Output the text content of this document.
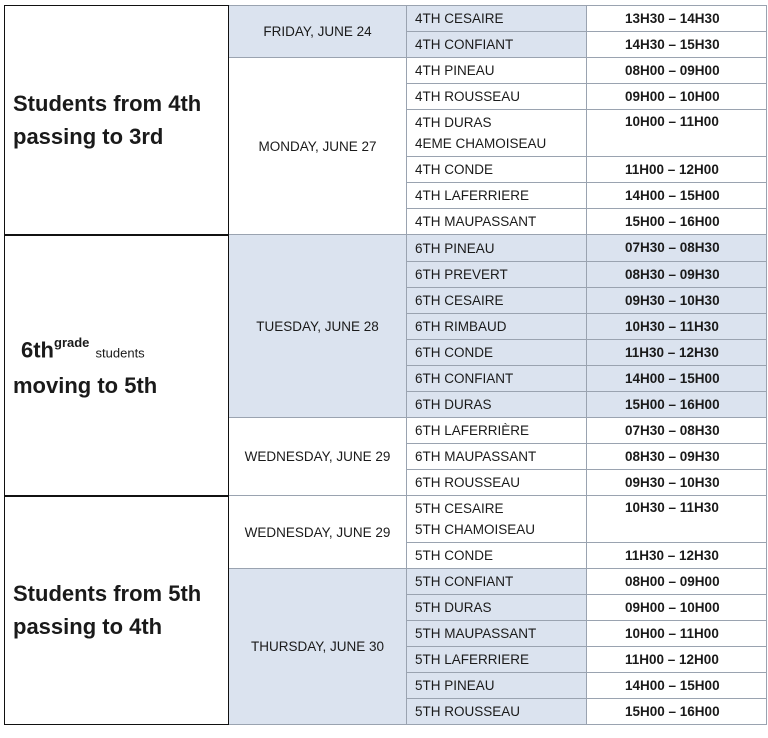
Students from 4th passing to 3rd	FRIDAY, JUNE 24	4TH CESAIRE	13H30 – 14H30
		4TH CONFIANT	14H30 – 15H30
	MONDAY, JUNE 27	4TH PINEAU	08H00 – 09H00
		4TH ROUSSEAU	09H00 – 10H00

		4TH DURAS
4EME CHAMOISEAU	10H00 – 11H00
		4TH CONDE	11H00 – 12H00
		4TH LAFERRIERE	14H00 – 15H00
		4TH MAUPASSANT	15H00 – 16H00

$6th^{grade}$ students
moving to 5th	TUESDAY, JUNE 28	6TH PINEAU	07H30 – 08H30
		6TH PREVERT	08H30 – 09H30
		6TH CESAIRE	09H30 – 10H30
		6TH RIMBAUD	10H30 – 11H30
		6TH CONDE	11H30 – 12H30
		6TH CONFIANT	14H00 – 15H00
		6TH DURAS	15H00 – 16H00
	WEDNESDAY, JUNE 29	6TH LAFERRIÈRE	07H30 – 08H30
		6TH MAUPASSANT	08H30 – 09H30
		6TH ROUSSEAU	09H30 – 10H30
Students from 5th passing to 4th	WEDNESDAY, JUNE 29	5TH CESAIRE
5TH CHAMOISEAU	10H30 – 11H30
		5TH CONDE	11H30 – 12H30
	THURSDAY, JUNE 30	5TH CONFIANT	08H00 – 09H00
		5TH DURAS	09H00 – 10H00
		5TH MAUPASSANT	10H00 – 11H00
		5TH LAFERRIERE	11H00 – 12H00
		5TH PINEAU	14H00 – 15H00
		5TH ROUSSEAU	15H00 – 16H00
